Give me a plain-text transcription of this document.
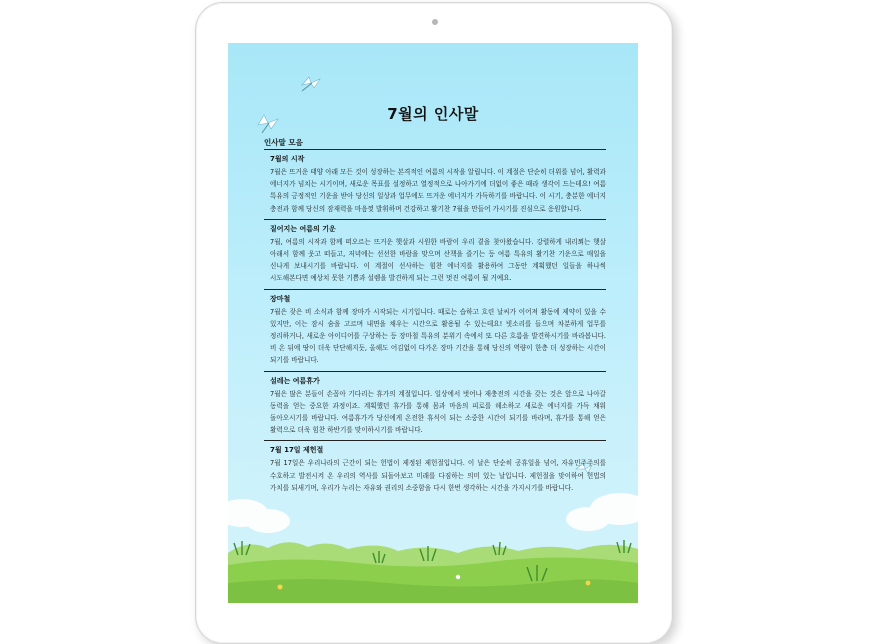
7월의 인사말
인사말 모음
7월의 시작
7월은 뜨거운 태양 아래 모든 것이 성장하는 본격적인 여름의 시작을 알립니다. 이 계절은 단순히 더위를 넘어, 활력과 에너지가 넘치는 시기이며, 새로운 목표를 설정하고 열정적으로 나아가기에 더없이 좋은 때라 생각이 드는데요! 여름 특유의 긍정적인 기운을 받아 당신의 일상과 업무에도 뜨거운 에너지가 가득하기를 바랍니다. 이 시기, 충분한 에너지 충전과 함께 당신의 잠재력을 마음껏 발휘하며 건강하고 활기찬 7월을 만들어 가시기를 진심으로 응원합니다.
짙어지는 여름의 기운
7월, 여름의 시작과 함께 떠오르는 뜨거운 햇살과 시원한 바람이 우리 곁을 찾아왔습니다. 강렬하게 내리쬐는 햇살 아래서 함께 웃고 떠들고, 저녁에는 선선한 바람을 맞으며 산책을 즐기는 등 여름 특유의 활기찬 기운으로 매일을 신나게 보내시기를 바랍니다. 이 계절이 선사하는 힘찬 에너지를 활용하여 그동안 계획했던 일들을 하나씩 시도해본다면 예상치 못한 기쁨과 설렘을 발견하게 되는 그런 멋진 여름이 될 거예요.
장마철
7월은 잦은 비 소식과 함께 장마가 시작되는 시기입니다. 때로는 습하고 흐린 날씨가 이어져 활동에 제약이 있을 수 있지만, 이는 잠시 숨을 고르며 내면을 채우는 시간으로 활용될 수 있는데요! 빗소리를 들으며 차분하게 업무를 정리하거나, 새로운 아이디어를 구상하는 등 장마철 특유의 분위기 속에서 또 다른 흐름을 발견하시기를 바라봅니다. 비 온 뒤에 땅이 더욱 단단해지듯, 올해도 어김없이 다가온 장마 기간을 통해 당신의 역량이 한층 더 성장하는 시간이 되기를 바랍니다.
설레는 여름휴가
7월은 많은 분들이 손꼽아 기다리는 휴가의 계절입니다. 일상에서 벗어나 재충전의 시간을 갖는 것은 앞으로 나아갈 동력을 얻는 중요한 과정이죠. 계획했던 휴가를 통해 몸과 마음의 피로를 해소하고 새로운 에너지를 가득 채워 돌아오시기를 바랍니다. 여름휴가가 당신에게 온전한 휴식이 되는 소중한 시간이 되기를 바라며, 휴가를 통해 얻은 활력으로 더욱 힘찬 하반기를 맞이하시기를 바랍니다.
7월 17일 제헌절
7월 17일은 우리나라의 근간이 되는 헌법이 제정된 제헌절입니다. 이 날은 단순히 공휴일을 넘어, 자유민주주의를 수호하고 발전시켜 온 우리의 역사를 되돌아보고 미래를 다짐하는 의미 있는 날입니다. 제헌절을 맞이하여 헌법의 가치를 되새기며, 우리가 누리는 자유와 권리의 소중함을 다시 한번 생각하는 시간을 가지시기를 바랍니다.
